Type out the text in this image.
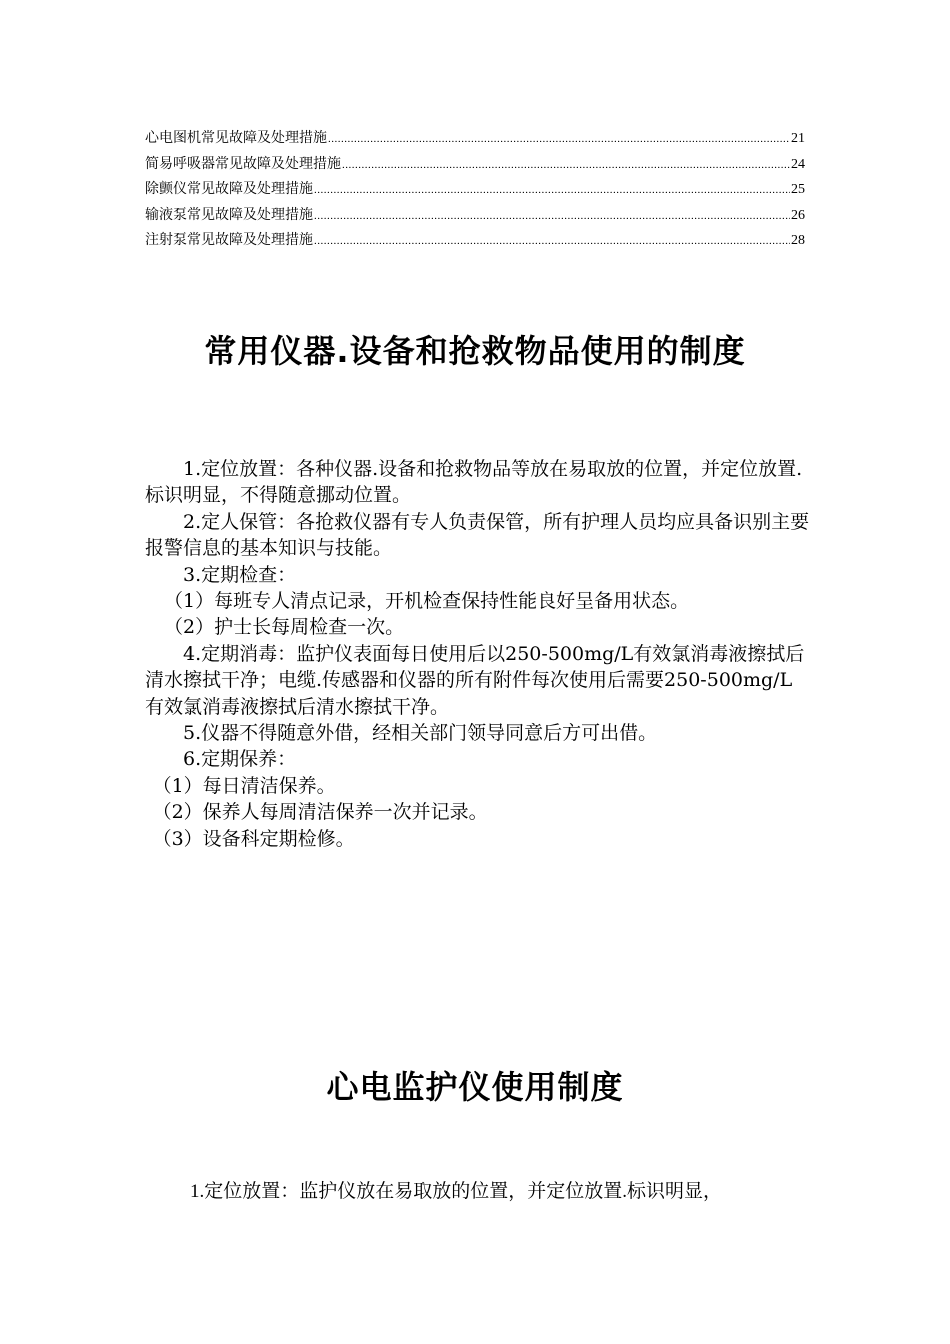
心电图机常见故障及处理措施 .....	21
简易呼吸器常见故障及处理措施 .....	24
除颤仪常见故障及处理措施 .....	25
输液泵常见故障及处理措施 .....	26
注射泵常见故障及处理措施 .....	28
常用仪器.设备和抢救物品使用的制度

1.定位放置：各种仪器.设备和抢救物品等放在易取放的位置，并定位放置.标识明显，不得随意挪动位置。

2.定人保管：各抢救仪器有专人负责保管，所有护理人员均应具备识别主要报警信息的基本知识与技能。

3.定期检查：

（1）每班专人清点记录，开机检查保持性能良好呈备用状态。

（2）护士长每周检查一次。

4.定期消毒：监护仪表面每日使用后以250-500mg/L有效氯消毒液擦拭后清水擦拭干净；电缆.传感器和仪器的所有附件每次使用后需要250-500mg/L有效氯消毒液擦拭后清水擦拭干净。

5.仪器不得随意外借，经相关部门领导同意后方可出借。

6.定期保养：

（1）每日清洁保养。

（2）保养人每周清洁保养一次并记录。

（3）设备科定期检修。

心电监护仪使用制度
1.定位放置：监护仪放在易取放的位置，并定位放置.标识明显，
